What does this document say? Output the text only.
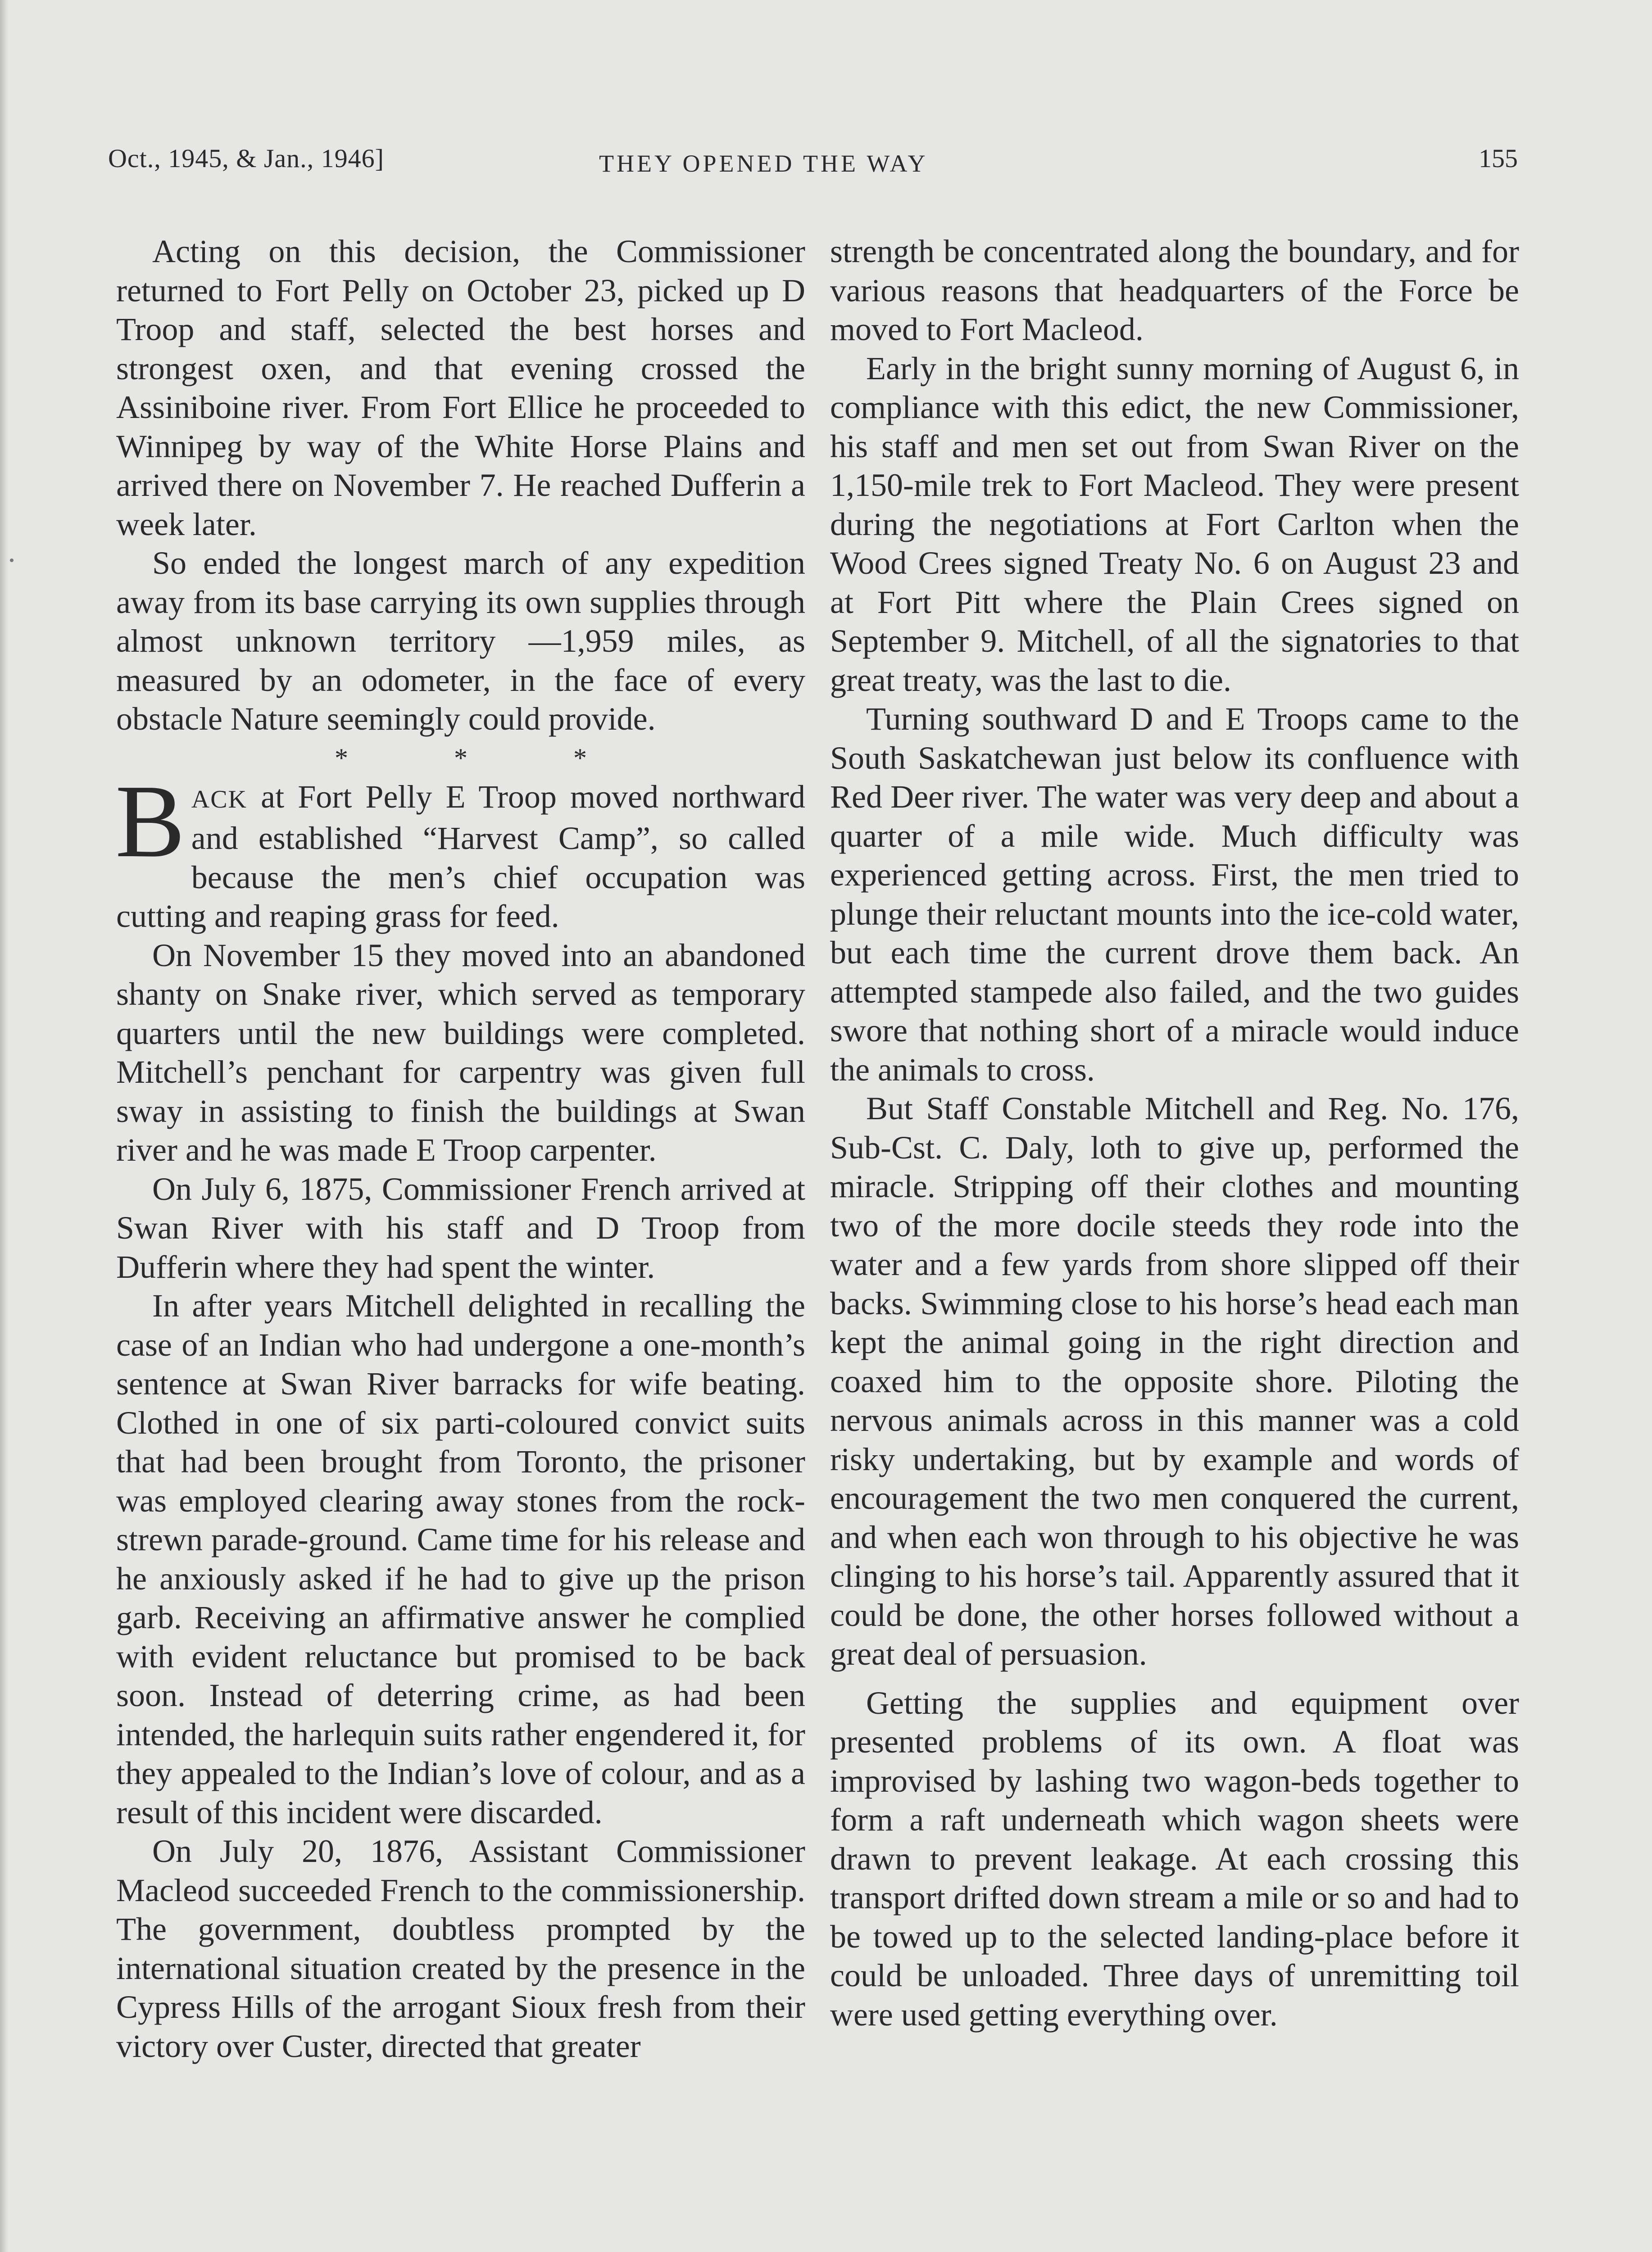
Oct., 1945, & Jan., 1946]	THEY OPENED THE WAY	155

Acting on this decision, the Commissioner returned to Fort Pelly on October 23, picked up D Troop and staff, selected the best horses and strongest oxen, and that evening crossed the Assiniboine river. From Fort Ellice he proceeded to Winnipeg by way of the White Horse Plains and arrived there on November 7. He reached Dufferin a week later.

So ended the longest march of any expedition away from its base carrying its own supplies through almost unknown territory —1,959 miles, as measured by an odometer, in the face of every obstacle Nature seemingly could provide.

* * *

BACK at Fort Pelly E Troop moved northward and established “Harvest Camp”, so called because the men’s chief occupation was cutting and reaping grass for feed.

On November 15 they moved into an abandoned shanty on Snake river, which served as temporary quarters until the new buildings were completed. Mitchell’s penchant for carpentry was given full sway in assisting to finish the buildings at Swan river and he was made E Troop carpenter.

On July 6, 1875, Commissioner French arrived at Swan River with his staff and D Troop from Dufferin where they had spent the winter.

In after years Mitchell delighted in recalling the case of an Indian who had undergone a one-month’s sentence at Swan River barracks for wife beating. Clothed in one of six parti-coloured convict suits that had been brought from Toronto, the prisoner was employed clearing away stones from the rock-strewn parade-ground. Came time for his release and he anxiously asked if he had to give up the prison garb. Receiving an affirmative answer he complied with evident reluctance but promised to be back soon. Instead of deterring crime, as had been intended, the harlequin suits rather engendered it, for they appealed to the Indian’s love of colour, and as a result of this incident were discarded.

On July 20, 1876, Assistant Commissioner Macleod succeeded French to the commissionership. The government, doubtless prompted by the international situation created by the presence in the Cypress Hills of the arrogant Sioux fresh from their victory over Custer, directed that greater

strength be concentrated along the boundary, and for various reasons that headquarters of the Force be moved to Fort Macleod.

Early in the bright sunny morning of August 6, in compliance with this edict, the new Commissioner, his staff and men set out from Swan River on the 1,150-mile trek to Fort Macleod. They were present during the negotiations at Fort Carlton when the Wood Crees signed Treaty No. 6 on August 23 and at Fort Pitt where the Plain Crees signed on September 9. Mitchell, of all the signatories to that great treaty, was the last to die.

Turning southward D and E Troops came to the South Saskatchewan just below its confluence with Red Deer river. The water was very deep and about a quarter of a mile wide. Much difficulty was experienced getting across. First, the men tried to plunge their reluctant mounts into the ice-cold water, but each time the current drove them back. An attempted stampede also failed, and the two guides swore that nothing short of a miracle would induce the animals to cross.

But Staff Constable Mitchell and Reg. No. 176, Sub-Cst. C. Daly, loth to give up, performed the miracle. Stripping off their clothes and mounting two of the more docile steeds they rode into the water and a few yards from shore slipped off their backs. Swimming close to his horse’s head each man kept the animal going in the right direction and coaxed him to the opposite shore. Piloting the nervous animals across in this manner was a cold risky undertaking, but by example and words of encouragement the two men conquered the current, and when each won through to his objective he was clinging to his horse’s tail. Apparently assured that it could be done, the other horses followed without a great deal of persuasion.

Getting the supplies and equipment over presented problems of its own. A float was improvised by lashing two wagon-beds together to form a raft underneath which wagon sheets were drawn to prevent leakage. At each crossing this transport drifted down stream a mile or so and had to be towed up to the selected landing-place before it could be unloaded. Three days of unremitting toil were used getting everything over.
